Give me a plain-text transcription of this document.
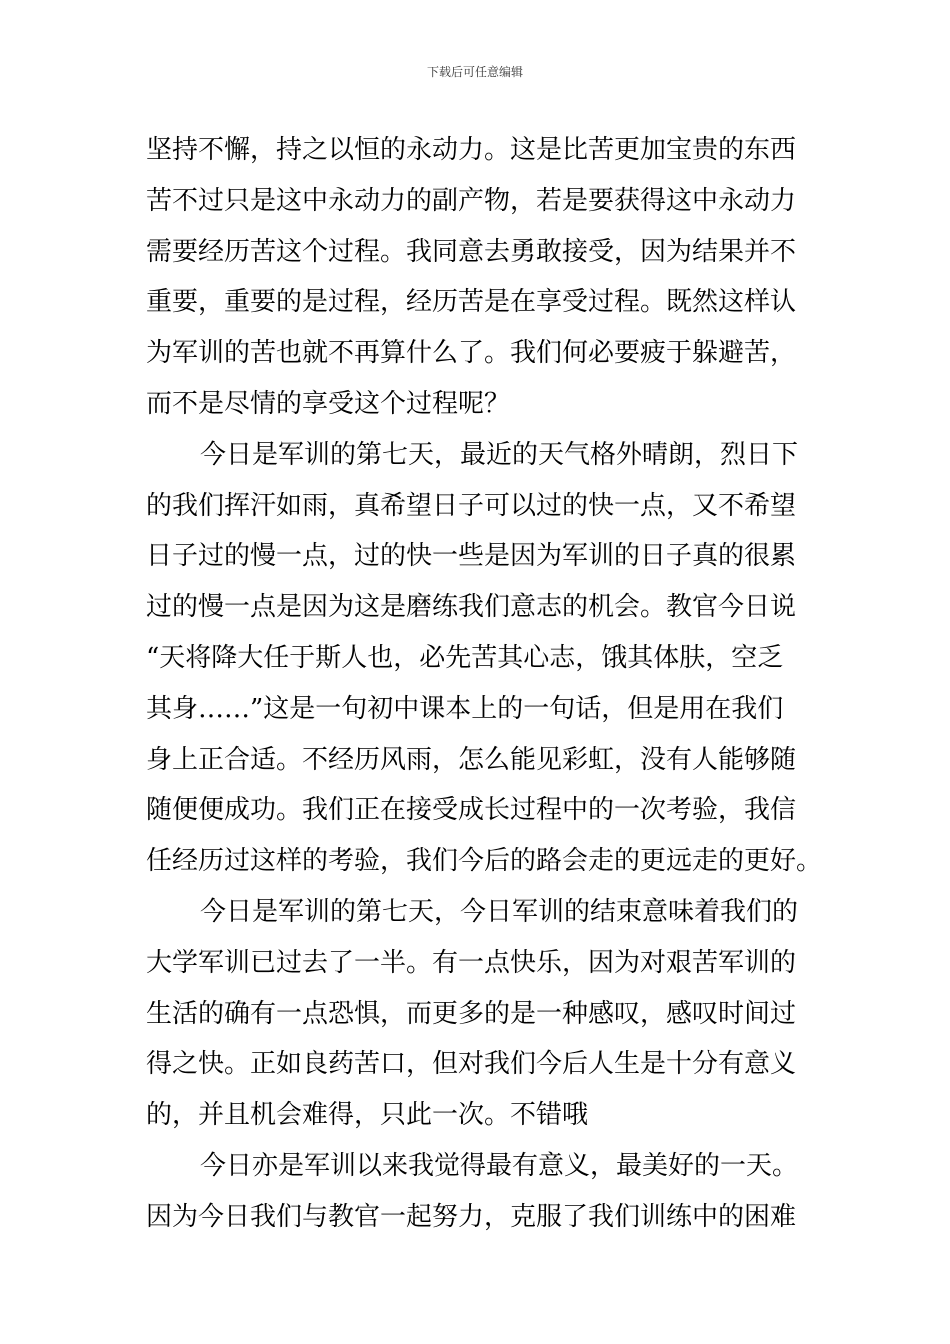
下载后可任意编辑
坚持不懈，持之以恒的永动力。这是比苦更加宝贵的东西
苦不过只是这中永动力的副产物，若是要获得这中永动力
需要经历苦这个过程。我同意去勇敢接受，因为结果并不
重要，重要的是过程，经历苦是在享受过程。既然这样认
为军训的苦也就不再算什么了。我们何必要疲于躲避苦，
而不是尽情的享受这个过程呢？
今日是军训的第七天，最近的天气格外晴朗，烈日下
的我们挥汗如雨，真希望日子可以过的快一点，又不希望
日子过的慢一点，过的快一些是因为军训的日子真的很累
过的慢一点是因为这是磨练我们意志的机会。教官今日说
“天将降大任于斯人也，必先苦其心志，饿其体肤，空乏
其身……”这是一句初中课本上的一句话，但是用在我们
身上正合适。不经历风雨，怎么能见彩虹，没有人能够随
随便便成功。我们正在接受成长过程中的一次考验，我信
任经历过这样的考验，我们今后的路会走的更远走的更好。
今日是军训的第七天，今日军训的结束意味着我们的
大学军训已过去了一半。有一点快乐，因为对艰苦军训的
生活的确有一点恐惧，而更多的是一种感叹，感叹时间过
得之快。正如良药苦口，但对我们今后人生是十分有意义
的，并且机会难得，只此一次。不错哦
今日亦是军训以来我觉得最有意义，最美好的一天。
因为今日我们与教官一起努力，克服了我们训练中的困难
